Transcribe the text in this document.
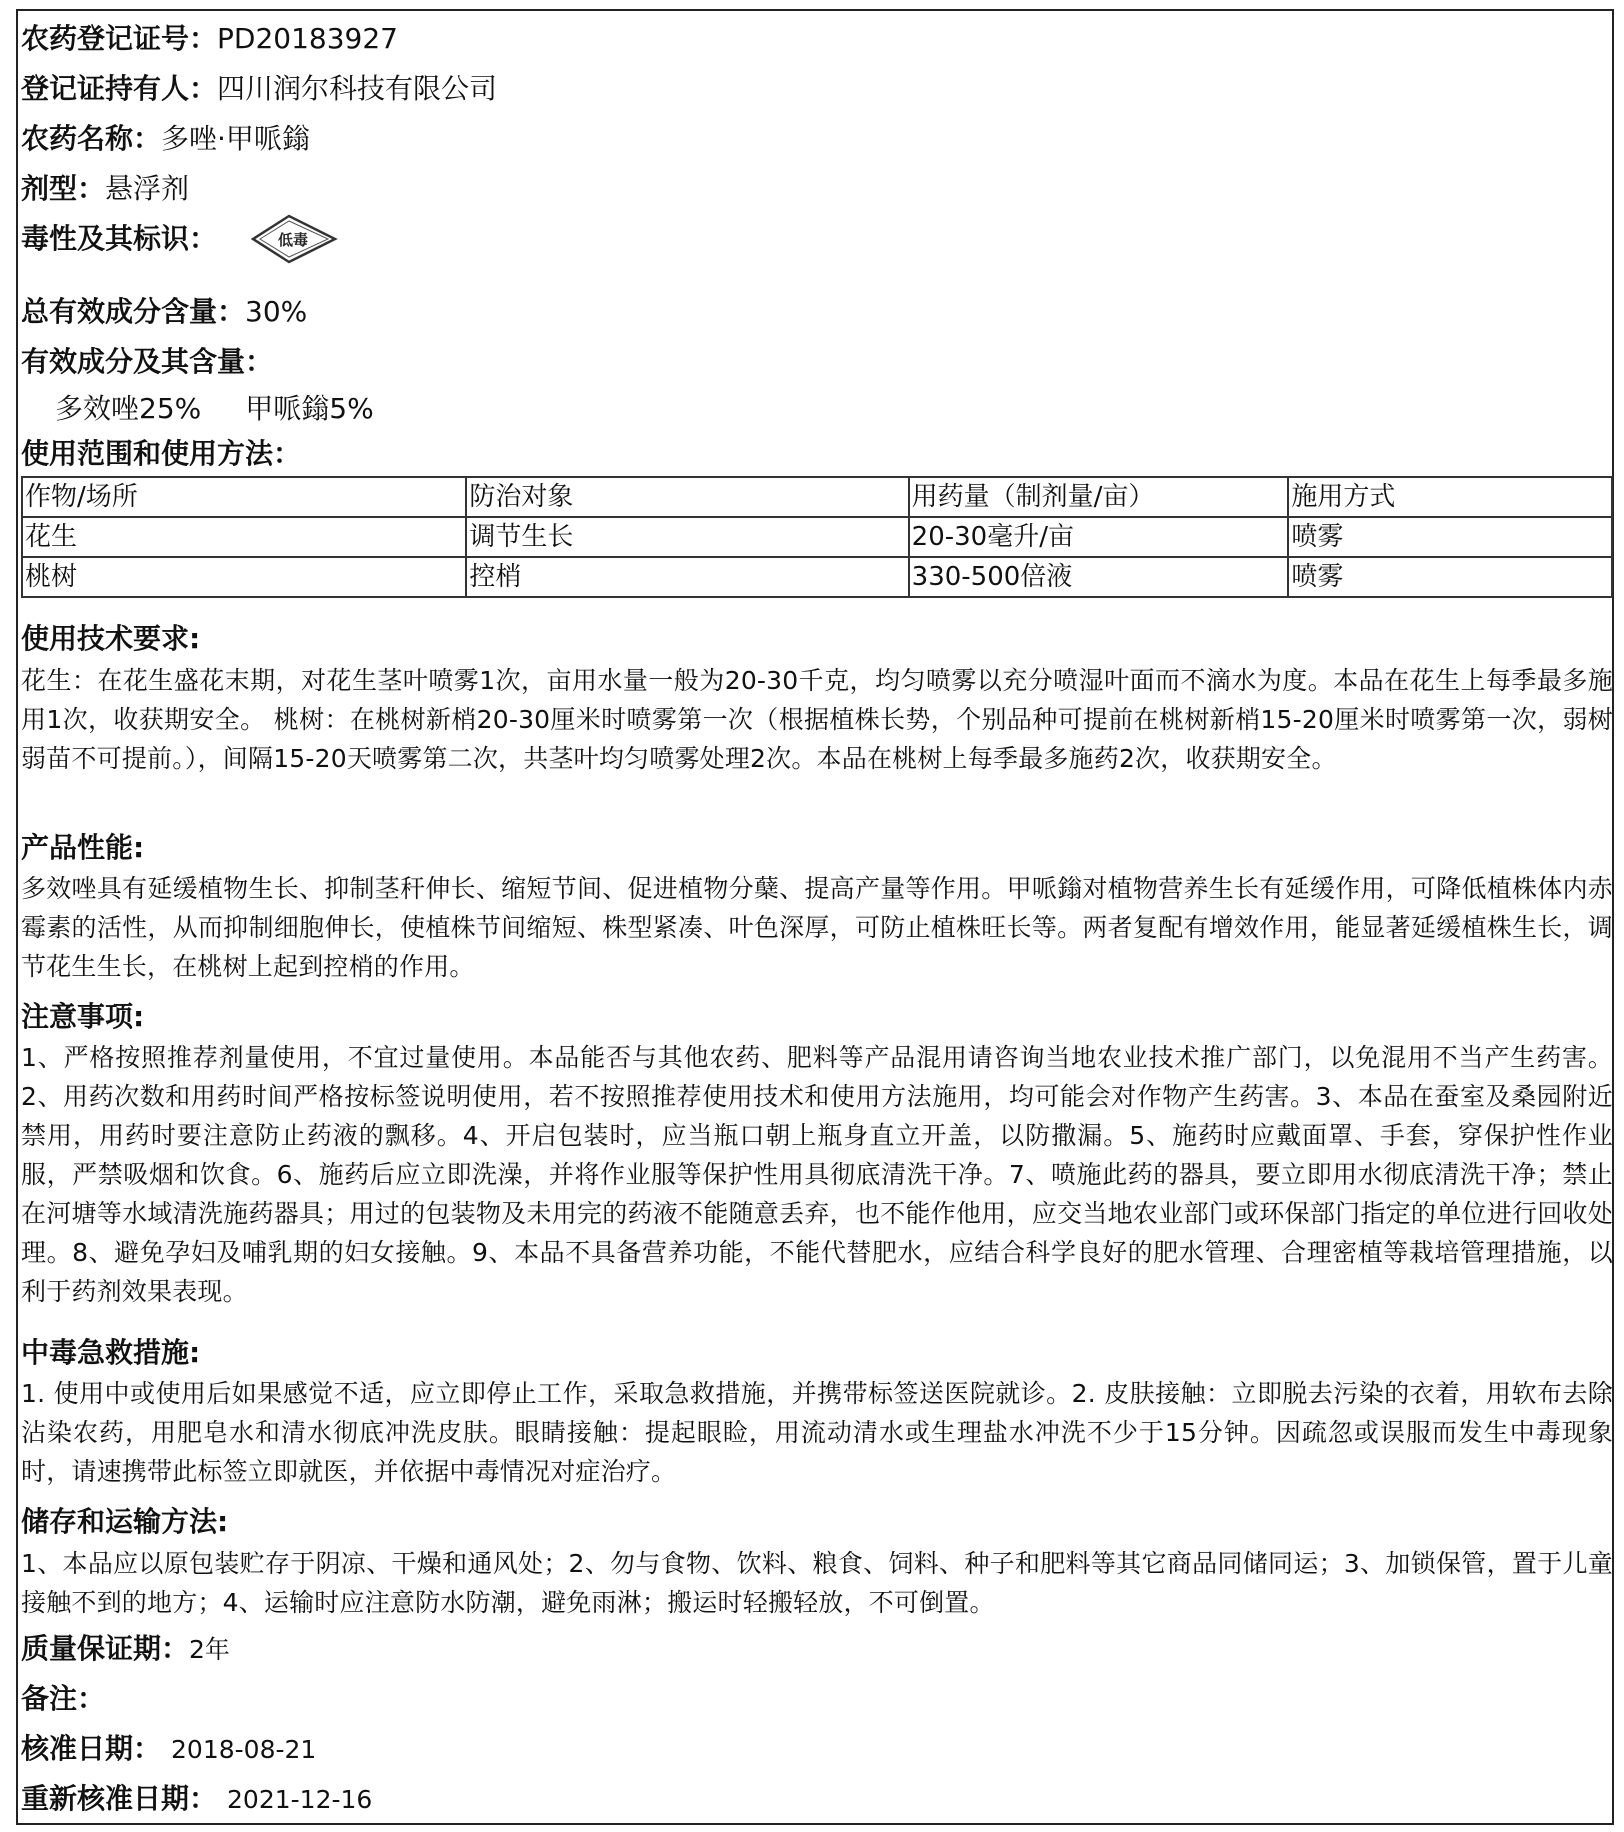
农药登记证号：PD20183927
登记证持有人：四川润尔科技有限公司
农药名称：多唑·甲哌鎓
剂型：悬浮剂
毒性及其标识：	低毒
总有效成分含量：30%
有效成分及其含量：
多效唑25% 甲哌鎓5%
使用范围和使用方法：
作物/场所	防治对象	用药量（制剂量/亩）	施用方式
花生	调节生长	20-30毫升/亩	喷雾
桃树	控梢	330-500倍液	喷雾
使用技术要求:
花生：在花生盛花末期，对花生茎叶喷雾1次，亩用水量一般为20-30千克，均匀喷雾以充分喷湿叶面而不滴水为度。本品在花生上每季最多施用1次，收获期安全。 桃树：在桃树新梢20-30厘米时喷雾第一次（根据植株长势，个别品种可提前在桃树新梢15-20厘米时喷雾第一次，弱树弱苗不可提前。），间隔15-20天喷雾第二次，共茎叶均匀喷雾处理2次。本品在桃树上每季最多施药2次，收获期安全。
产品性能:
多效唑具有延缓植物生长、抑制茎秆伸长、缩短节间、促进植物分蘖、提高产量等作用。甲哌鎓对植物营养生长有延缓作用，可降低植株体内赤霉素的活性，从而抑制细胞伸长，使植株节间缩短、株型紧凑、叶色深厚，可防止植株旺长等。两者复配有增效作用，能显著延缓植株生长，调节花生生长，在桃树上起到控梢的作用。
注意事项:
1、严格按照推荐剂量使用，不宜过量使用。本品能否与其他农药、肥料等产品混用请咨询当地农业技术推广部门，以免混用不当产生药害。2、用药次数和用药时间严格按标签说明使用，若不按照推荐使用技术和使用方法施用，均可能会对作物产生药害。3、本品在蚕室及桑园附近禁用，用药时要注意防止药液的飘移。4、开启包装时，应当瓶口朝上瓶身直立开盖，以防撒漏。5、施药时应戴面罩、手套，穿保护性作业服，严禁吸烟和饮食。6、施药后应立即洗澡，并将作业服等保护性用具彻底清洗干净。7、喷施此药的器具，要立即用水彻底清洗干净；禁止在河塘等水域清洗施药器具；用过的包装物及未用完的药液不能随意丢弃，也不能作他用，应交当地农业部门或环保部门指定的单位进行回收处理。8、避免孕妇及哺乳期的妇女接触。9、本品不具备营养功能，不能代替肥水，应结合科学良好的肥水管理、合理密植等栽培管理措施，以利于药剂效果表现。
中毒急救措施:
1. 使用中或使用后如果感觉不适，应立即停止工作，采取急救措施，并携带标签送医院就诊。2. 皮肤接触：立即脱去污染的衣着，用软布去除沾染农药，用肥皂水和清水彻底冲洗皮肤。眼睛接触：提起眼睑，用流动清水或生理盐水冲洗不少于15分钟。因疏忽或误服而发生中毒现象时，请速携带此标签立即就医，并依据中毒情况对症治疗。
储存和运输方法:
1、本品应以原包装贮存于阴凉、干燥和通风处；2、勿与食物、饮料、粮食、饲料、种子和肥料等其它商品同储同运；3、加锁保管，置于儿童接触不到的地方；4、运输时应注意防水防潮，避免雨淋；搬运时轻搬轻放，不可倒置。
质量保证期：2年
备注：
核准日期： 2018-08-21
重新核准日期： 2021-12-16
